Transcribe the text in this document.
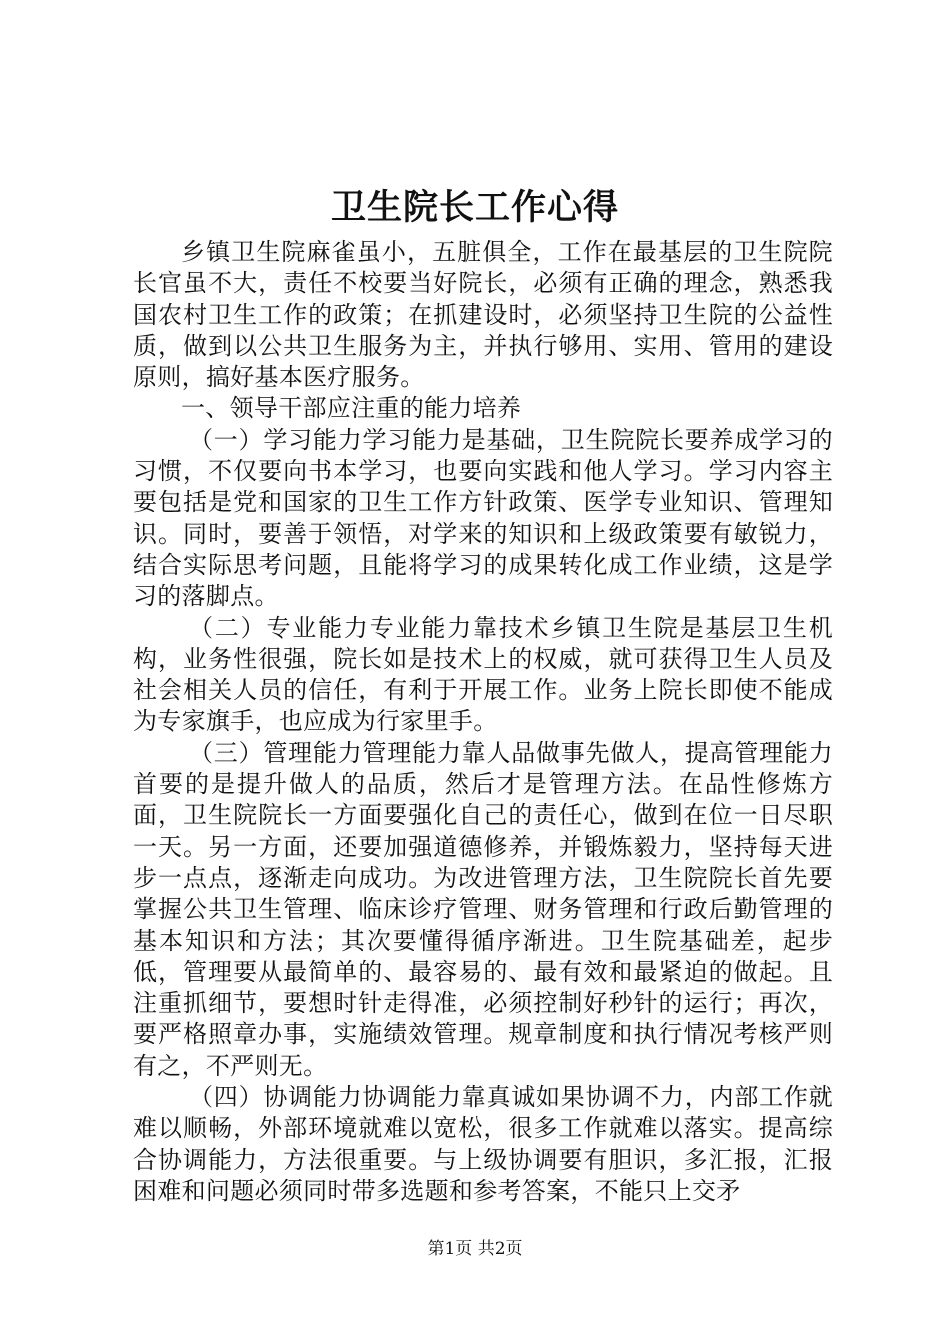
卫生院长工作心得

乡镇卫生院麻雀虽小，五脏俱全，工作在最基层的卫生院院长官虽不大，责任不校要当好院长，必须有正确的理念，熟悉我国农村卫生工作的政策；在抓建设时，必须坚持卫生院的公益性质，做到以公共卫生服务为主，并执行够用、实用、管用的建设原则，搞好基本医疗服务。

一、领导干部应注重的能力培养

（一）学习能力学习能力是基础，卫生院院长要养成学习的习惯，不仅要向书本学习，也要向实践和他人学习。学习内容主要包括是党和国家的卫生工作方针政策、医学专业知识、管理知识。同时，要善于领悟，对学来的知识和上级政策要有敏锐力，结合实际思考问题，且能将学习的成果转化成工作业绩，这是学习的落脚点。

（二）专业能力专业能力靠技术乡镇卫生院是基层卫生机构，业务性很强，院长如是技术上的权威，就可获得卫生人员及社会相关人员的信任，有利于开展工作。业务上院长即使不能成为专家旗手，也应成为行家里手。

（三）管理能力管理能力靠人品做事先做人，提高管理能力首要的是提升做人的品质，然后才是管理方法。在品性修炼方面，卫生院院长一方面要强化自己的责任心，做到在位一日尽职一天。另一方面，还要加强道德修养，并锻炼毅力，坚持每天进步一点点，逐渐走向成功。为改进管理方法，卫生院院长首先要掌握公共卫生管理、临床诊疗管理、财务管理和行政后勤管理的基本知识和方法；其次要懂得循序渐进。卫生院基础差，起步低，管理要从最简单的、最容易的、最有效和最紧迫的做起。且注重抓细节，要想时针走得准，必须控制好秒针的运行；再次，要严格照章办事，实施绩效管理。规章制度和执行情况考核严则有之，不严则无。

（四）协调能力协调能力靠真诚如果协调不力，内部工作就难以顺畅，外部环境就难以宽松，很多工作就难以落实。提高综合协调能力，方法很重要。与上级协调要有胆识，多汇报，汇报困难和问题必须同时带多选题和参考答案，不能只上交矛

第1页 共2页
